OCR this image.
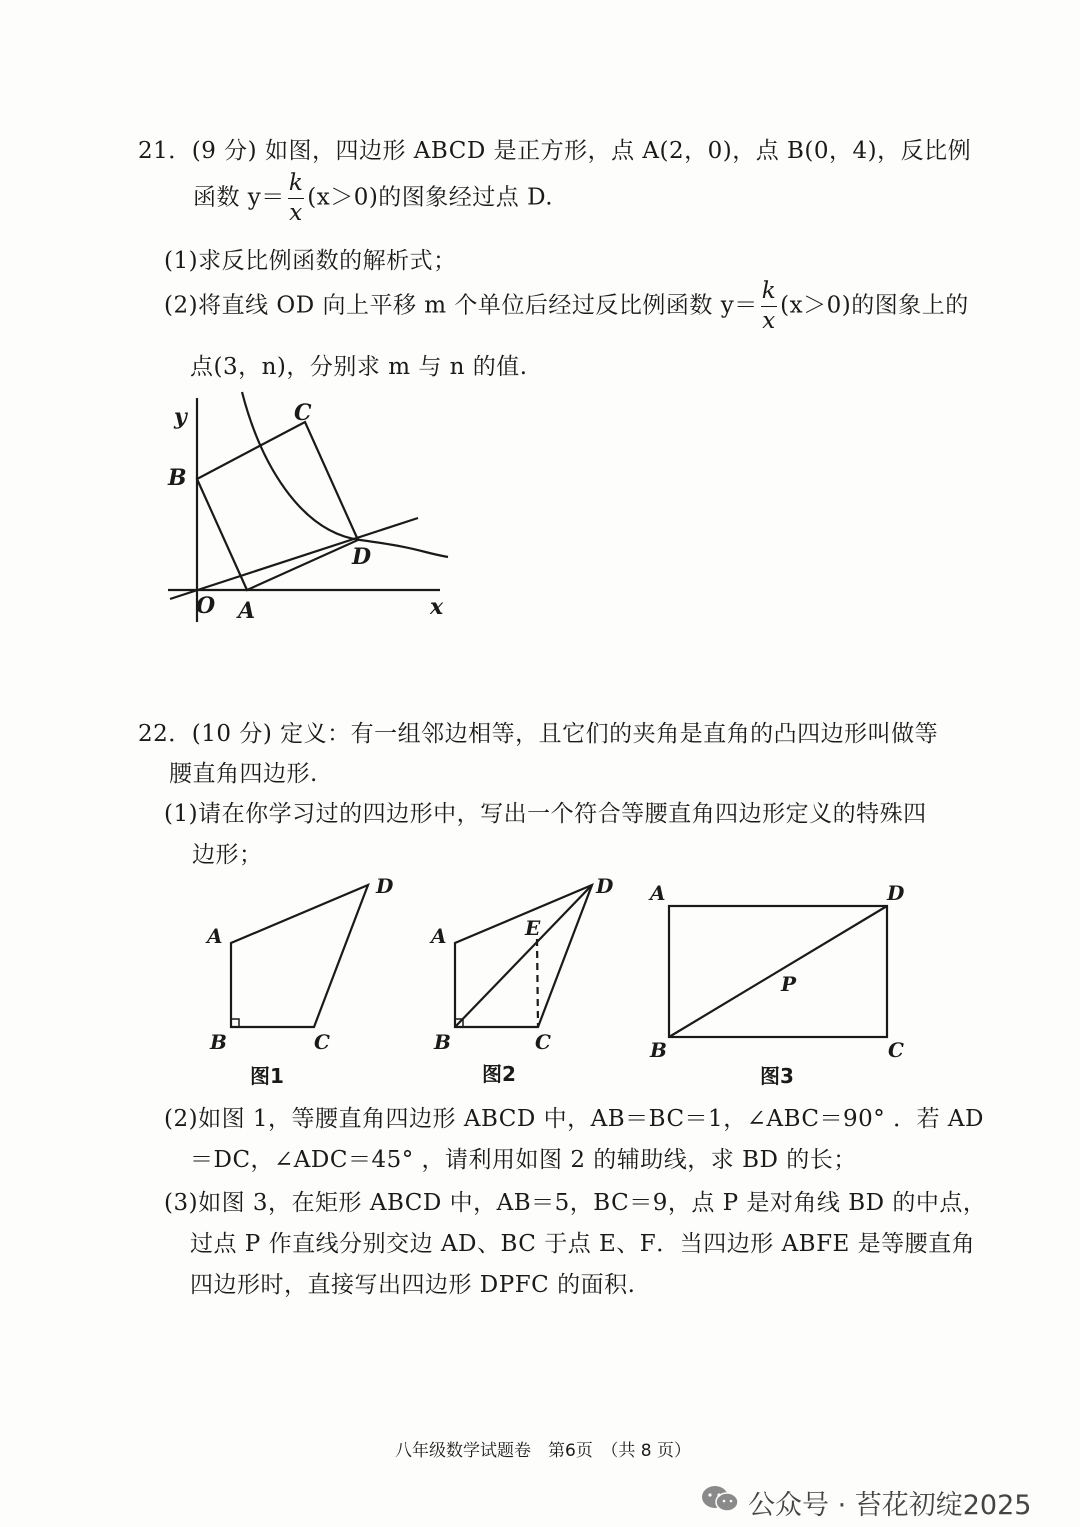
21．(9 分) 如图，四边形 ABCD 是正方形，点 A(2，0)，点 B(0，4)，反比例
函数 $y= \frac{k}{x} (x>0)$的图象经过点 D.
(1)求反比例函数的解析式；
(2)将直线 OD 向上平移 m 个单位后经过反比例函数 $y= \frac{k}{x} (x>0)$的图象上的
点(3，n)，分别求 m 与 n 的值.
y
x
O A
B
C
D
22．(10 分) 定义：有一组邻边相等，且它们的夹角是直角的凸四边形叫做等
腰直角四边形.
(1)请在你学习过的四边形中，写出一个符合等腰直角四边形定义的特殊四
边形；
A
B	C
D
图1
A
B	C
D
E
图2
A
B	C
D
P
图3
(2)如图 1，等腰直角四边形 ABCD 中，AB＝BC＝1，∠ABC＝90° ．若 AD
＝DC，∠ADC＝45° ，请利用如图 2 的辅助线，求 BD 的长；
(3)如图 3，在矩形 ABCD 中，AB＝5，BC＝9，点 P 是对角线 BD 的中点，
过点 P 作直线分别交边 AD、BC 于点 E、F．当四边形 ABFE 是等腰直角
四边形时，直接写出四边形 DPFC 的面积.
八年级数学试题卷　第6页　（共 8 页）
公众号 · 苔花初绽2025
